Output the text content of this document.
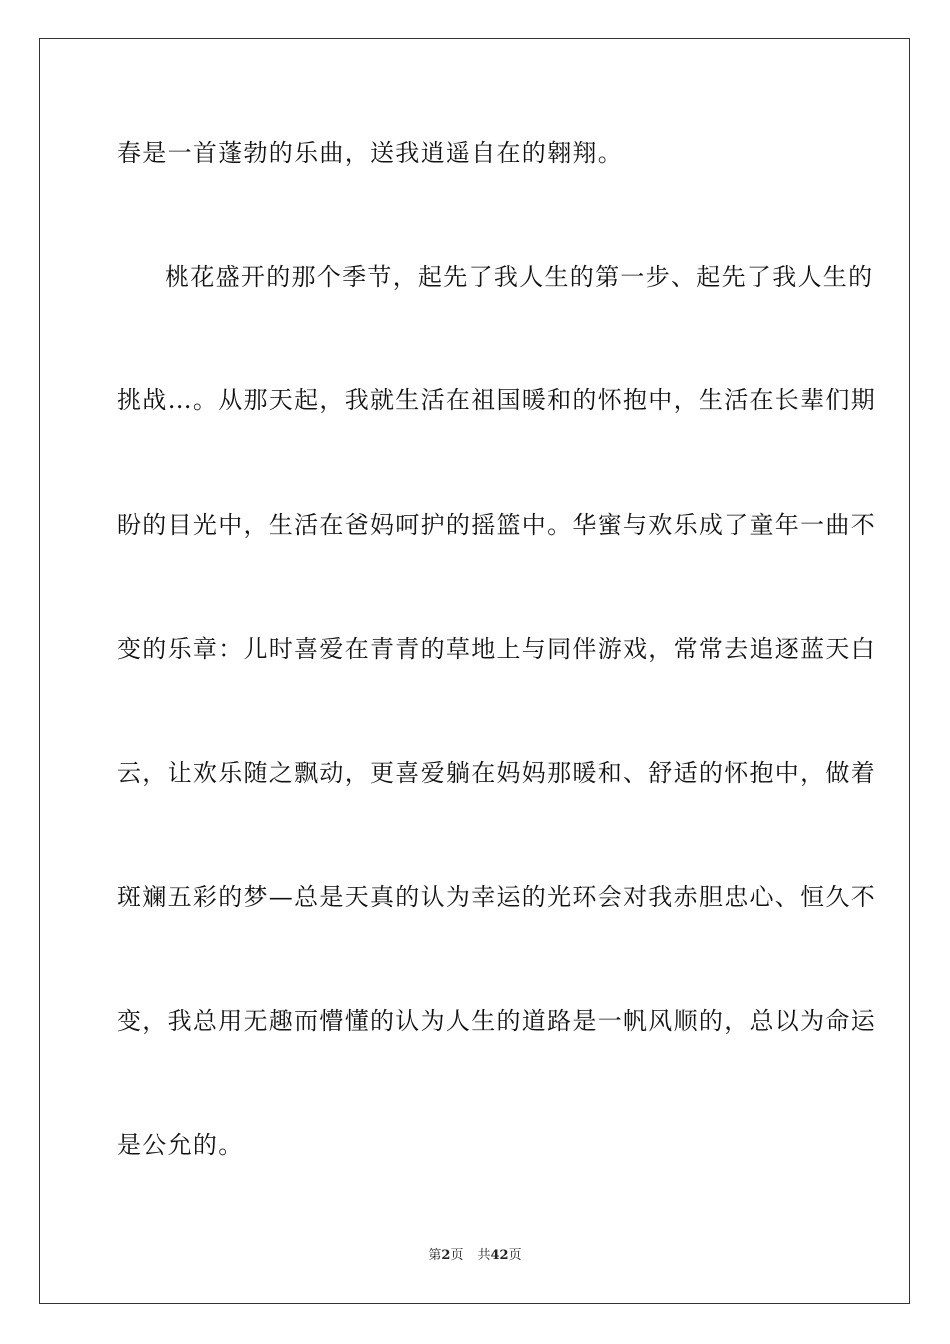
春是一首蓬勃的乐曲，送我逍遥自在的翱翔。
桃花盛开的那个季节，起先了我人生的第一步、起先了我人生的
挑战…。从那天起，我就生活在祖国暖和的怀抱中，生活在长辈们期
盼的目光中，生活在爸妈呵护的摇篮中。华蜜与欢乐成了童年一曲不
变的乐章：儿时喜爱在青青的草地上与同伴游戏，常常去追逐蓝天白
云，让欢乐随之飘动，更喜爱躺在妈妈那暖和、舒适的怀抱中，做着
斑斓五彩的梦—总是天真的认为幸运的光环会对我赤胆忠心、恒久不
变，我总用无趣而懵懂的认为人生的道路是一帆风顺的，总以为命运
是公允的。
第2页 共42页
